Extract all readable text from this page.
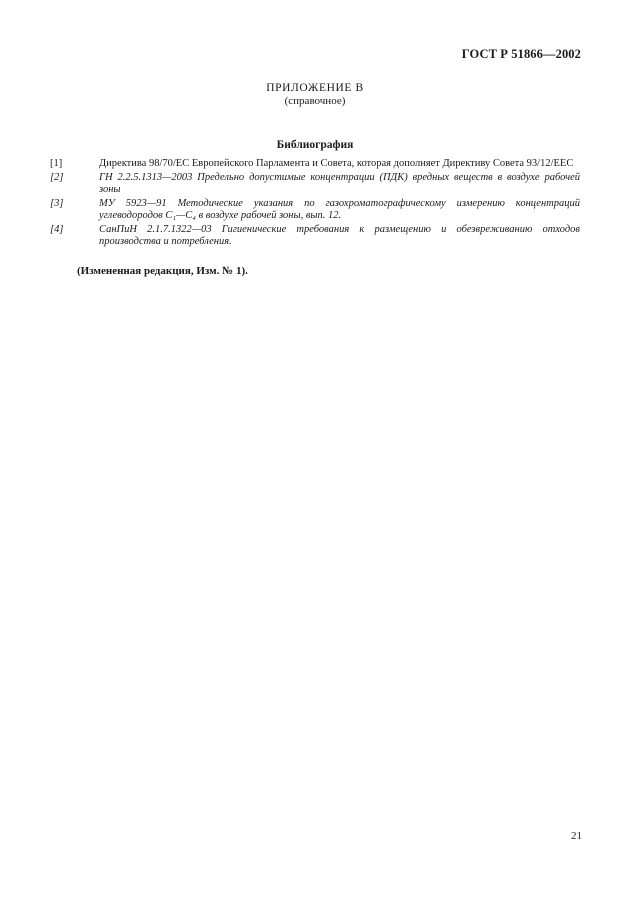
ГОСТ Р 51866—2002
ПРИЛОЖЕНИЕ В
(справочное)
Библиография
[1]	Директива 98/70/EC Европейского Парламента и Совета, которая дополняет Директиву Совета 93/12/EEC
[2]	ГН 2.2.5.1313—2003 Предельно допустимые концентрации (ПДК) вредных веществ в воздухе рабочей зоны
[3]	МУ 5923—91 Методические указания по газохроматографическому измерению концентраций углеводородов С₁—С₄ в воздухе рабочей зоны, вып. 12.
[4]	СанПиН 2.1.7.1322—03 Гигиенические требования к размещению и обезвреживанию отходов производства и потребления.
(Измененная редакция, Изм. № 1).
21
